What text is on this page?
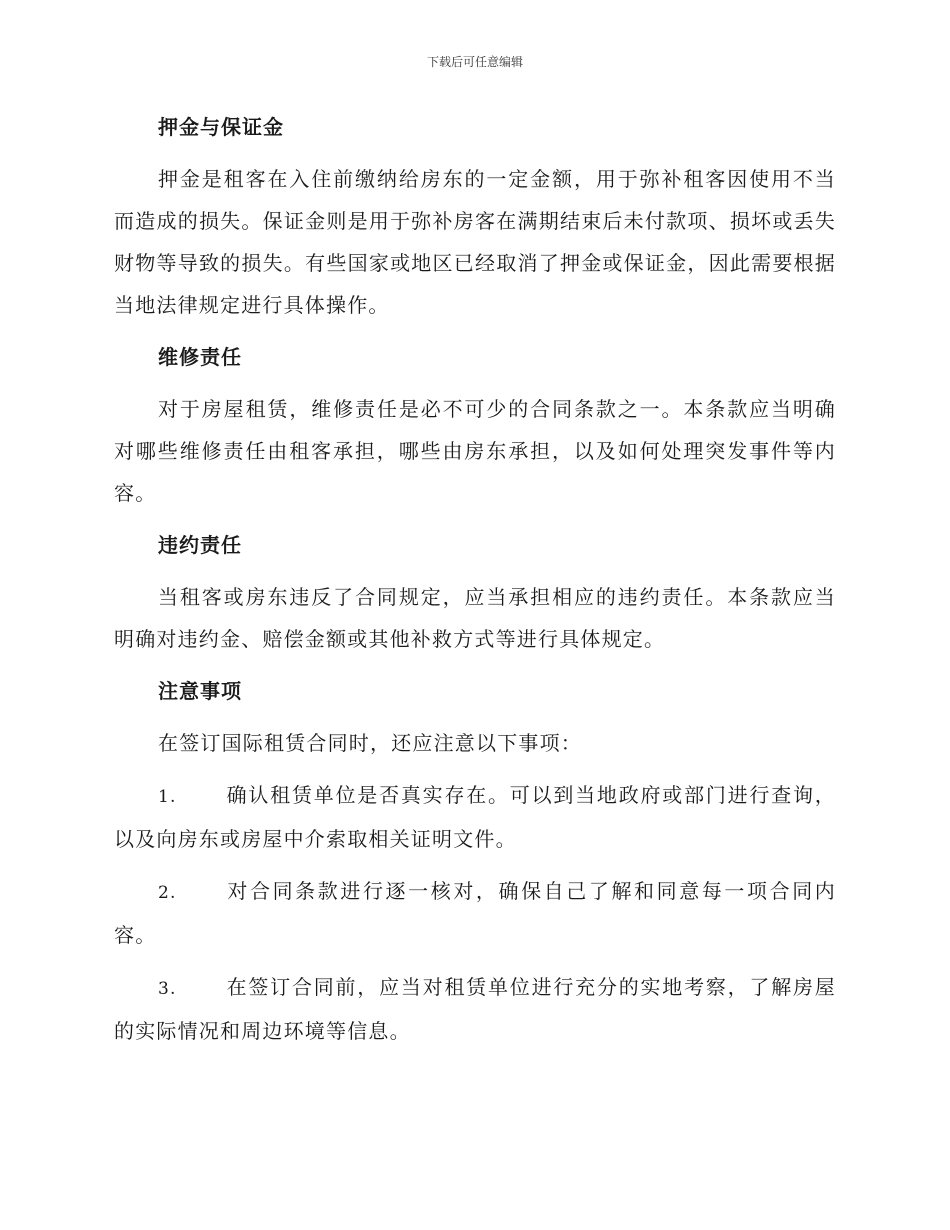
下载后可任意编辑
押金与保证金

押金是租客在入住前缴纳给房东的一定金额，用于弥补租客因使用不当而造成的损失。保证金则是用于弥补房客在满期结束后未付款项、损坏或丢失财物等导致的损失。有些国家或地区已经取消了押金或保证金，因此需要根据当地法律规定进行具体操作。

维修责任

对于房屋租赁，维修责任是必不可少的合同条款之一。本条款应当明确对哪些维修责任由租客承担，哪些由房东承担，以及如何处理突发事件等内容。

违约责任

当租客或房东违反了合同规定，应当承担相应的违约责任。本条款应当明确对违约金、赔偿金额或其他补救方式等进行具体规定。

注意事项

在签订国际租赁合同时，还应注意以下事项：

1. 确认租赁单位是否真实存在。可以到当地政府或部门进行查询，以及向房东或房屋中介索取相关证明文件。

2. 对合同条款进行逐一核对，确保自己了解和同意每一项合同内容。

3. 在签订合同前，应当对租赁单位进行充分的实地考察，了解房屋的实际情况和周边环境等信息。
